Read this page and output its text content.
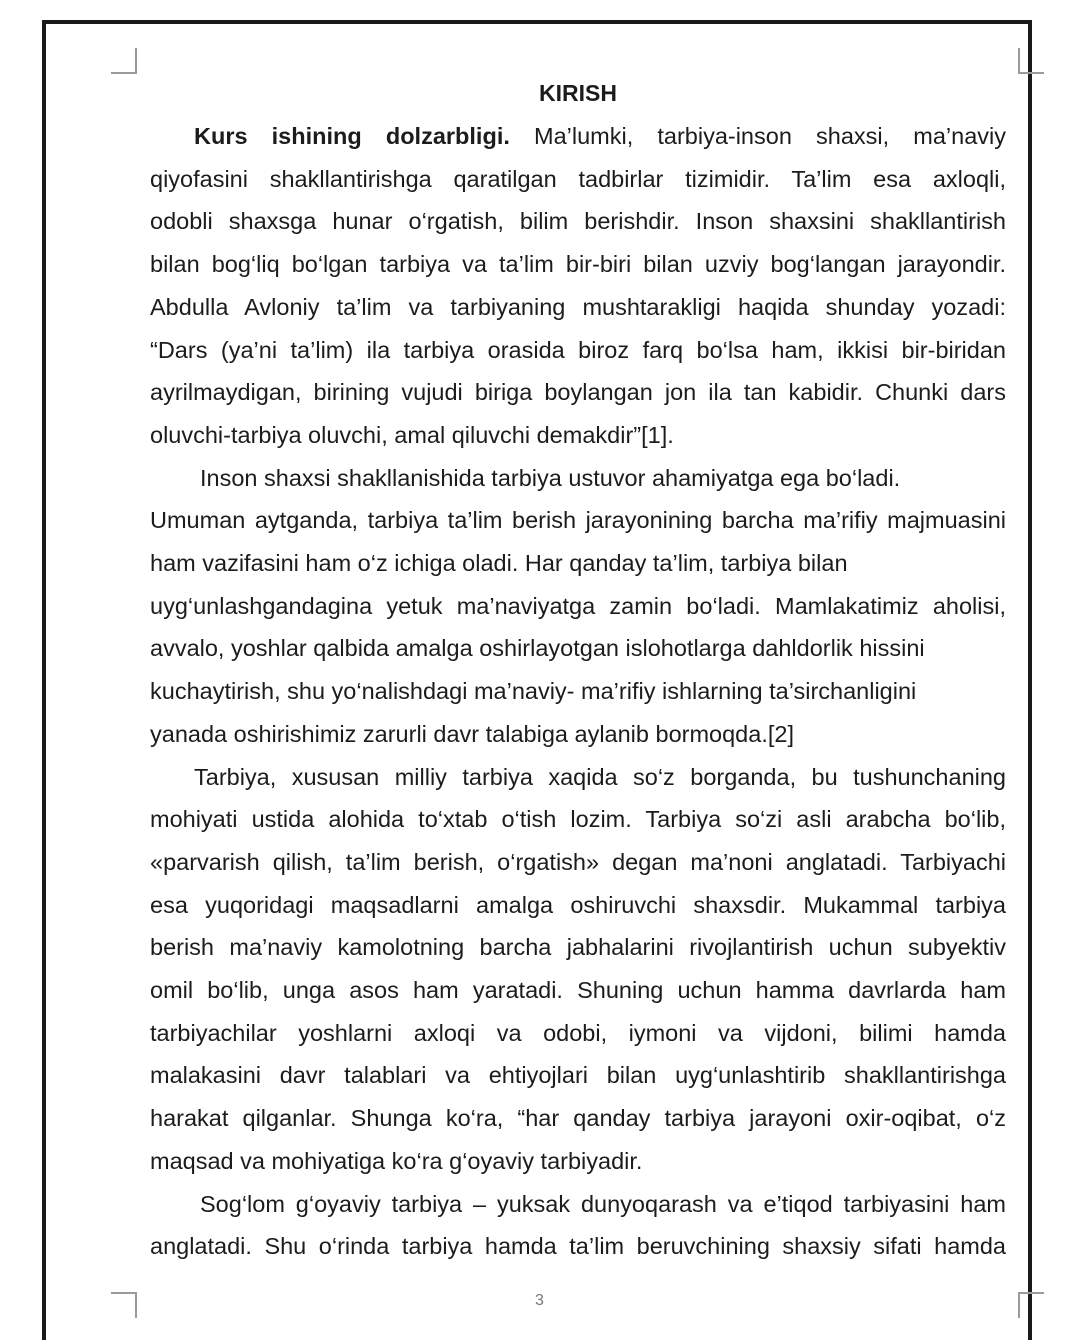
KIRISH
Kurs ishining dolzarbligi. Ma’lumki, tarbiya-inson shaxsi, ma’naviy
qiyofasini shakllantirishga qaratilgan tadbirlar tizimidir. Ta’lim esa axloqli,
odobli shaxsga hunar o‘rgatish, bilim berishdir. Inson shaxsini shakllantirish
bilan bog‘liq bo‘lgan tarbiya va ta’lim bir-biri bilan uzviy bog‘langan jarayondir.
Abdulla Avloniy ta’lim va tarbiyaning mushtarakligi haqida shunday yozadi:
“Dars (ya’ni ta’lim) ila tarbiya orasida biroz farq bo‘lsa ham, ikkisi bir-biridan
ayrilmaydigan, birining vujudi biriga boylangan jon ila tan kabidir. Chunki dars
oluvchi-tarbiya oluvchi, amal qiluvchi demakdir”[1].
Inson shaxsi shakllanishida tarbiya ustuvor ahamiyatga ega bo‘ladi.
Umuman aytganda, tarbiya ta’lim berish jarayonining barcha ma’rifiy majmuasini
ham vazifasini ham o‘z ichiga oladi. Har qanday ta’lim, tarbiya bilan
uyg‘unlashgandagina yetuk ma’naviyatga zamin bo‘ladi. Mamlakatimiz aholisi,
avvalo, yoshlar qalbida amalga oshirlayotgan islohotlarga dahldorlik hissini
kuchaytirish, shu yo‘nalishdagi ma’naviy- ma’rifiy ishlarning ta’sirchanligini
yanada oshirishimiz zarurli davr talabiga aylanib bormoqda.[2]
Tarbiya, xususan milliy tarbiya xaqida so‘z borganda, bu tushunchaning
mohiyati ustida alohida to‘xtab o‘tish lozim. Tarbiya so‘zi asli arabcha bo‘lib,
«parvarish qilish, ta’lim berish, o‘rgatish» degan ma’noni anglatadi. Tarbiyachi
esa yuqoridagi maqsadlarni amalga oshiruvchi shaxsdir. Mukammal tarbiya
berish ma’naviy kamolotning barcha jabhalarini rivojlantirish uchun subyektiv
omil bo‘lib, unga asos ham yaratadi. Shuning uchun hamma davrlarda ham
tarbiyachilar yoshlarni axloqi va odobi, iymoni va vijdoni, bilimi hamda
malakasini davr talablari va ehtiyojlari bilan uyg‘unlashtirib shakllantirishga
harakat qilganlar. Shunga ko‘ra, “har qanday tarbiya jarayoni oxir-oqibat, o‘z
maqsad va mohiyatiga ko‘ra g‘oyaviy tarbiyadir.
Sog‘lom g‘oyaviy tarbiya – yuksak dunyoqarash va e’tiqod tarbiyasini ham
anglatadi. Shu o‘rinda tarbiya hamda ta’lim beruvchining shaxsiy sifati hamda
3
